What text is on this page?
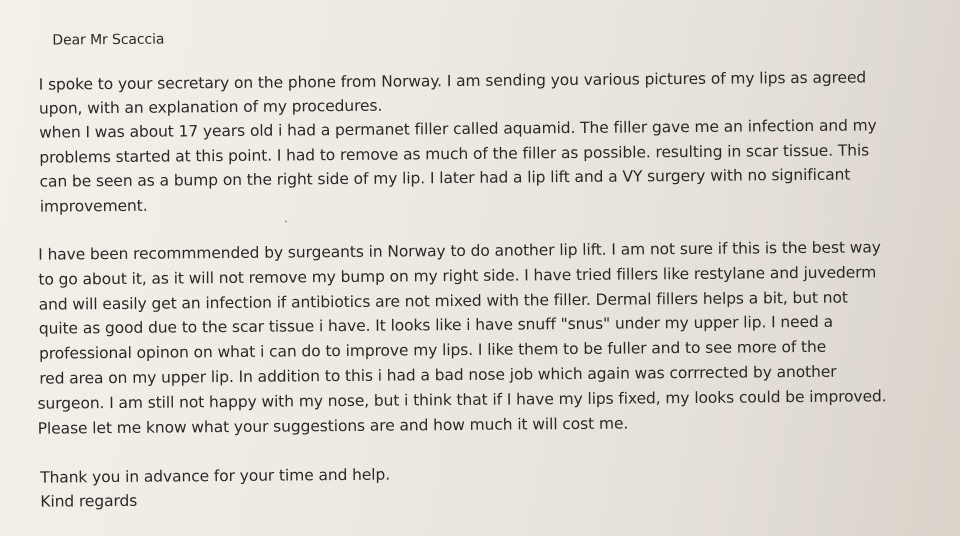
Dear Mr Scaccia
I spoke to your secretary on the phone from Norway. I am sending you various pictures of my lips as agreed
upon, with an explanation of my procedures.
when I was about 17 years old i had a permanet filler called aquamid. The filler gave me an infection and my
problems started at this point. I had to remove as much of the filler as possible. resulting in scar tissue. This
can be seen as a bump on the right side of my lip. I later had a lip lift and a VY surgery with no significant
improvement.
I have been recommmended by surgeants in Norway to do another lip lift. I am not sure if this is the best way
to go about it, as it will not remove my bump on my right side. I have tried fillers like restylane and juvederm
and will easily get an infection if antibiotics are not mixed with the filler. Dermal fillers helps a bit, but not
quite as good due to the scar tissue i have. It looks like i have snuff "snus" under my upper lip. I need a
professional opinon on what i can do to improve my lips. I like them to be fuller and to see more of the
red area on my upper lip. In addition to this i had a bad nose job which again was corrrected by another
surgeon. I am still not happy with my nose, but i think that if I have my lips fixed, my looks could be improved.
Please let me know what your suggestions are and how much it will cost me.
Thank you in advance for your time and help.
Kind regards
